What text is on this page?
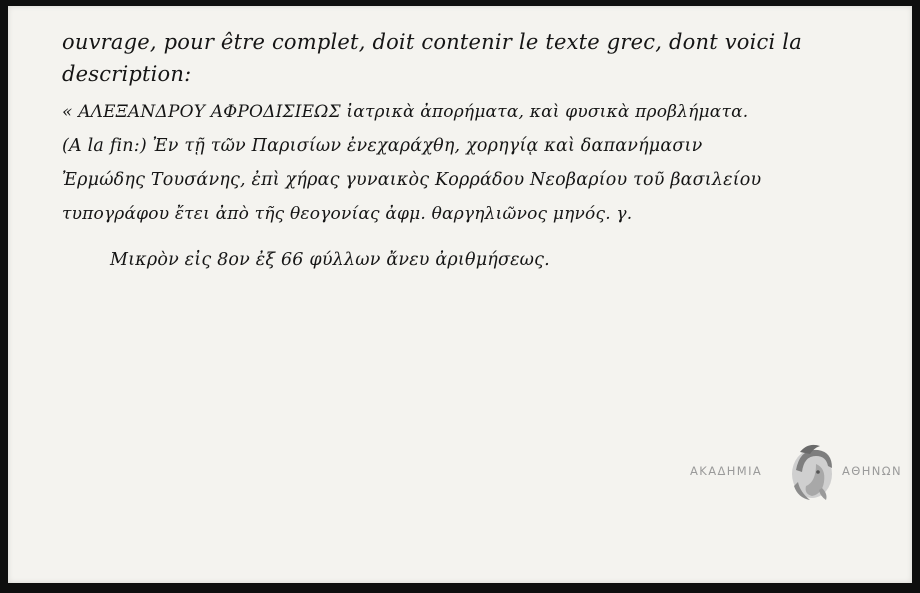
ouvrage, pour être complet, doit contenir le texte grec, dont voici la
description:
« ΑΛΕΞΑΝΔΡΟΥ ΑΦΡΟΔΙΣΙΕΩΣ ἰατρικὰ ἀπορήματα, καὶ φυσικὰ προβλήματα.
(A la fin:) Ἐν τῇ τῶν Παρισίων ἐνεχαράχθη, χορηγίᾳ καὶ δαπανήμασιν
Ἐρμώδης Τουσάνης, ἐπὶ χήρας γυναικὸς Κορράδου Νεοβαρίου τοῦ βασιλείου
τυπογράφου ἔτει ἀπὸ τῆς θεογονίας ἀφμ. θαργηλιῶνος μηνός. γ.
Μικρὸν εἰς 8ον ἐξ 66 φύλλων ἄνευ ἀριθμήσεως.
ΑΚΑΔΗΜΙΑ	ΑΘΗΝΩΝ
